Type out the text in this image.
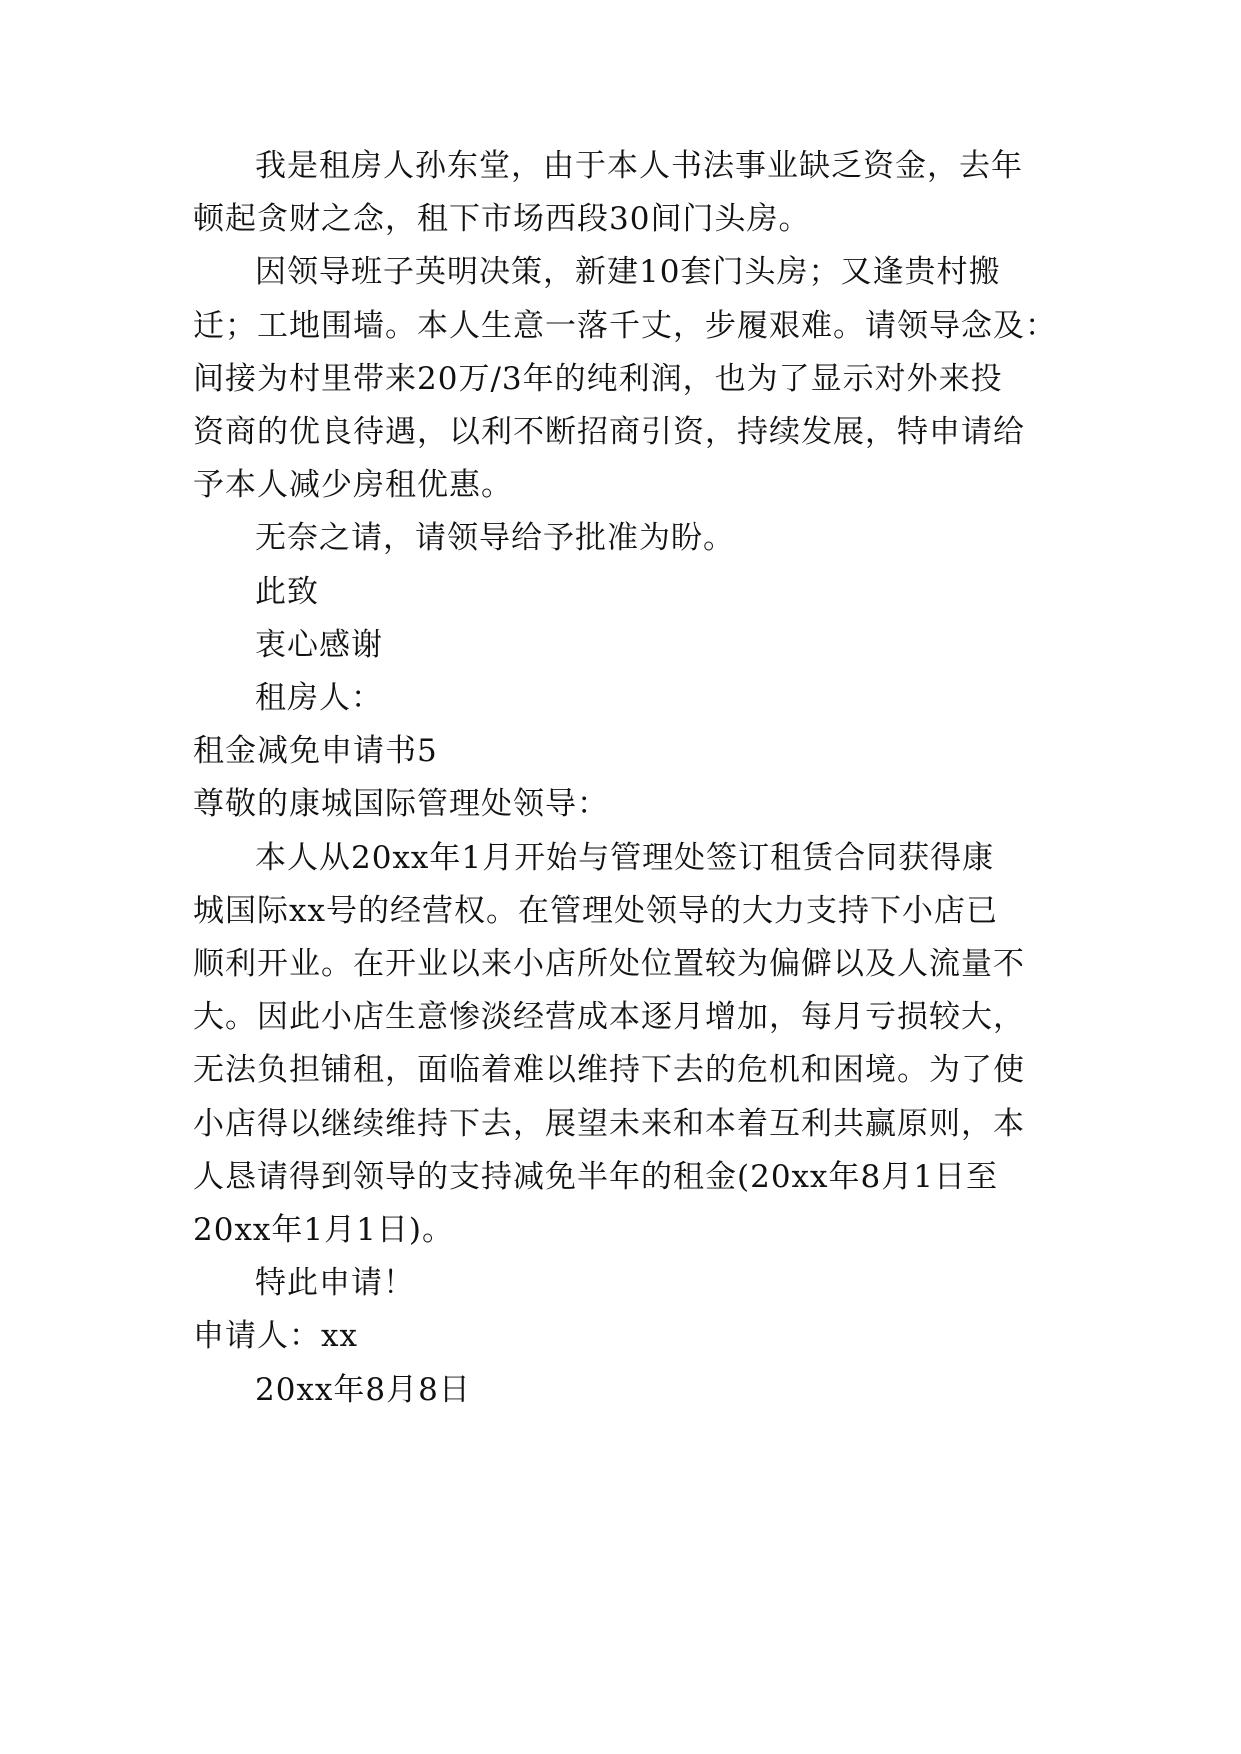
我是租房人孙东堂，由于本人书法事业缺乏资金，去年
顿起贪财之念，租下市场西段30间门头房。
因领导班子英明决策，新建10套门头房；又逢贵村搬
迁；工地围墙。本人生意一落千丈，步履艰难。请领导念及：
间接为村里带来20万/3年的纯利润，也为了显示对外来投
资商的优良待遇，以利不断招商引资，持续发展，特申请给
予本人减少房租优惠。
无奈之请，请领导给予批准为盼。
此致
衷心感谢
租房人：
租金减免申请书5
尊敬的康城国际管理处领导：
本人从20xx年1月开始与管理处签订租赁合同获得康
城国际xx号的经营权。在管理处领导的大力支持下小店已
顺利开业。在开业以来小店所处位置较为偏僻以及人流量不
大。因此小店生意惨淡经营成本逐月增加，每月亏损较大，
无法负担铺租，面临着难以维持下去的危机和困境。为了使
小店得以继续维持下去，展望未来和本着互利共赢原则，本
人恳请得到领导的支持减免半年的租金(20xx年8月1日至
20xx年1月1日)。
特此申请！
申请人：xx
20xx年8月8日
